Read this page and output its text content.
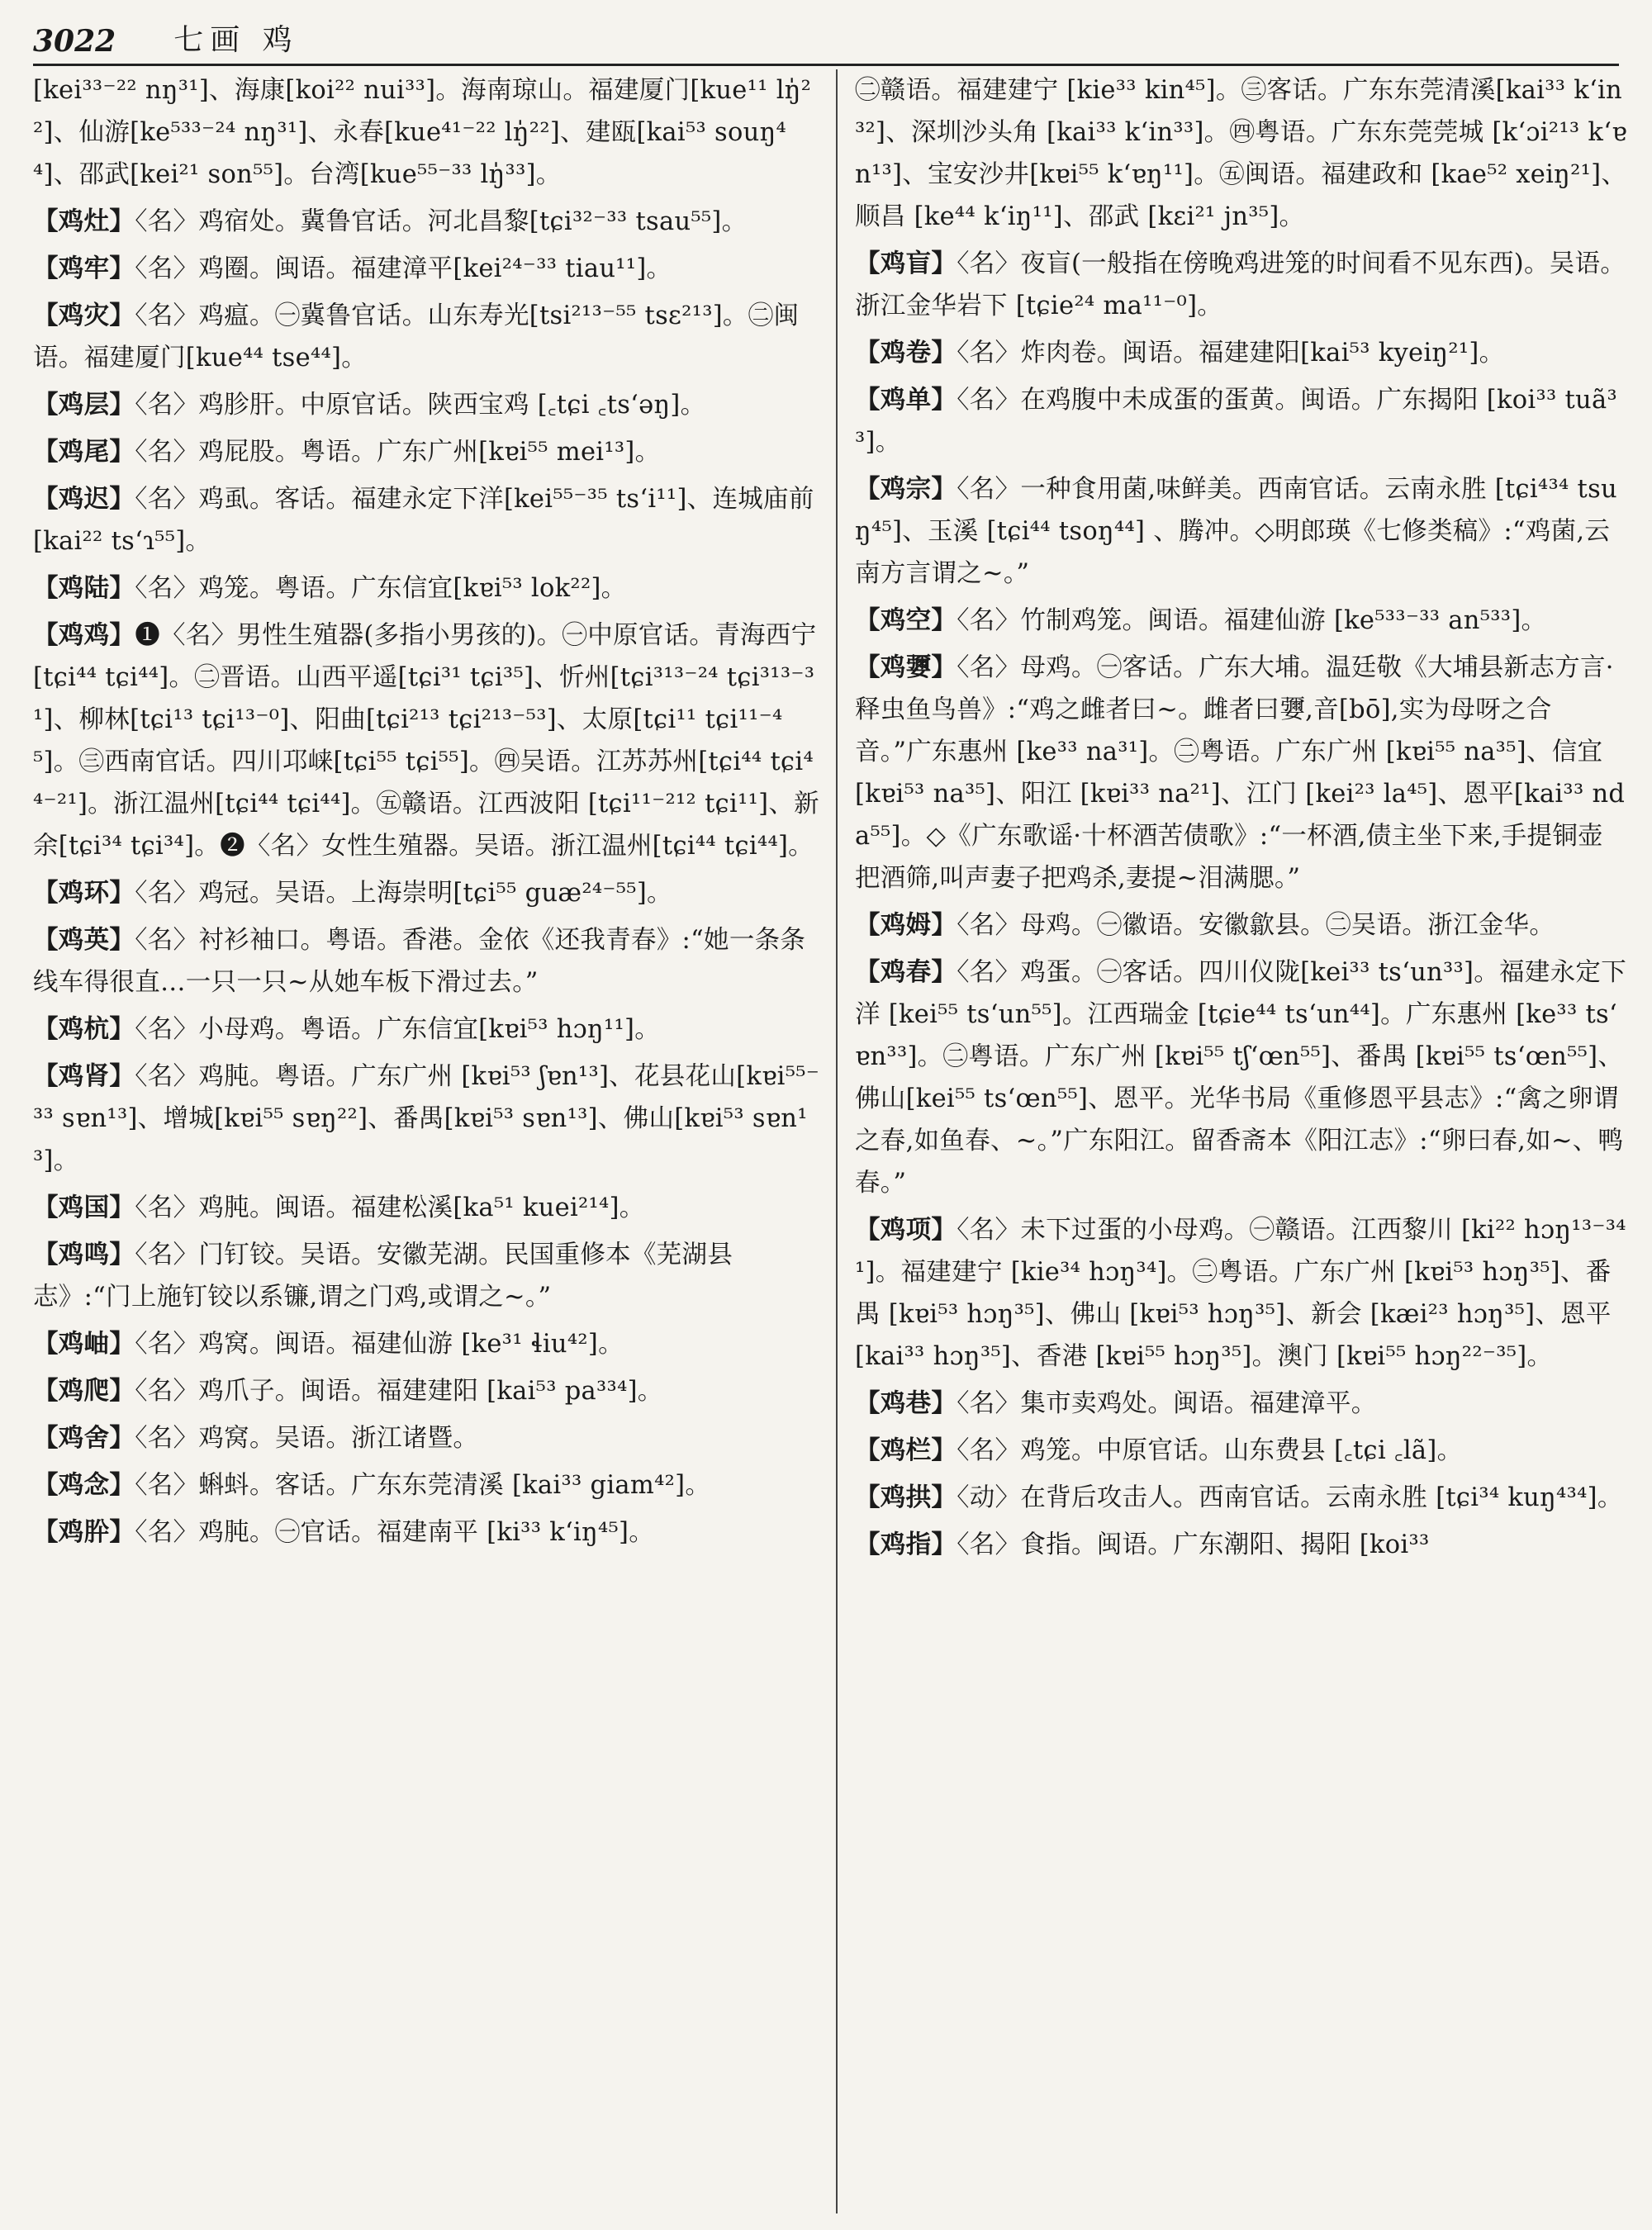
3022 七画 鸡

[kei³³⁻²² nŋ³¹]、海康[koi²² nui³³]。海南琼山。福建厦门[kue¹¹ lŋ̍²²]、仙游[ke⁵³³⁻²⁴ nŋ³¹]、永春[kue⁴¹⁻²² lŋ̍²²]、建瓯[kai⁵³ souŋ⁴⁴]、邵武[kei²¹ son⁵⁵]。台湾[kue⁵⁵⁻³³ lŋ̍³³]。

【鸡灶】〈名〉鸡宿处。冀鲁官话。河北昌黎[tɕi³²⁻³³ tsau⁵⁵]。

【鸡牢】〈名〉鸡圈。闽语。福建漳平[kei²⁴⁻³³ tiau¹¹]。

【鸡灾】〈名〉鸡瘟。㊀冀鲁官话。山东寿光[tsi²¹³⁻⁵⁵ tsɛ²¹³]。㊁闽语。福建厦门[kue⁴⁴ tse⁴⁴]。

【鸡层】〈名〉鸡胗肝。中原官话。陕西宝鸡 [꜀tɕi ꜀tsʻəŋ]。

【鸡尾】〈名〉鸡屁股。粤语。广东广州[kɐi⁵⁵ mei¹³]。

【鸡迟】〈名〉鸡虱。客话。福建永定下洋[kei⁵⁵⁻³⁵ tsʻi¹¹]、连城庙前[kai²² tsʻɿ⁵⁵]。

【鸡陆】〈名〉鸡笼。粤语。广东信宜[kɐi⁵³ lok²²]。

【鸡鸡】❶〈名〉男性生殖器(多指小男孩的)。㊀中原官话。青海西宁[tɕi⁴⁴ tɕi⁴⁴]。㊁晋语。山西平遥[tɕi³¹ tɕi³⁵]、忻州[tɕi³¹³⁻²⁴ tɕi³¹³⁻³¹]、柳林[tɕi¹³ tɕi¹³⁻⁰]、阳曲[tɕi²¹³ tɕi²¹³⁻⁵³]、太原[tɕi¹¹ tɕi¹¹⁻⁴⁵]。㊂西南官话。四川邛崃[tɕi⁵⁵ tɕi⁵⁵]。㊃吴语。江苏苏州[tɕi⁴⁴ tɕi⁴⁴⁻²¹]。浙江温州[tɕi⁴⁴ tɕi⁴⁴]。㊄赣语。江西波阳 [tɕi¹¹⁻²¹² tɕi¹¹]、新余[tɕi³⁴ tɕi³⁴]。❷〈名〉女性生殖器。吴语。浙江温州[tɕi⁴⁴ tɕi⁴⁴]。

【鸡环】〈名〉鸡冠。吴语。上海崇明[tɕi⁵⁵ guæ²⁴⁻⁵⁵]。

【鸡英】〈名〉衬衫袖口。粤语。香港。金依《还我青春》:“她一条条线车得很直…一只一只~从她车板下滑过去。”

【鸡杭】〈名〉小母鸡。粤语。广东信宜[kɐi⁵³ hɔŋ¹¹]。

【鸡肾】〈名〉鸡肫。粤语。广东广州 [kɐi⁵³ ʃɐn¹³]、花县花山[kɐi⁵⁵⁻³³ sɐn¹³]、增城[kɐi⁵⁵ sɐŋ²²]、番禺[kɐi⁵³ sɐn¹³]、佛山[kɐi⁵³ sɐn¹³]。

【鸡国】〈名〉鸡肫。闽语。福建松溪[ka⁵¹ kuei²¹⁴]。

【鸡鸣】〈名〉门钉铰。吴语。安徽芜湖。民国重修本《芜湖县志》:“门上施钉铰以系镰,谓之门鸡,或谓之~。”

【鸡岫】〈名〉鸡窝。闽语。福建仙游 [ke³¹ ɬiu⁴²]。

【鸡爬】〈名〉鸡爪子。闽语。福建建阳 [kai⁵³ pa³³⁴]。

【鸡舍】〈名〉鸡窝。吴语。浙江诸暨。

【鸡念】〈名〉蝌蚪。客话。广东东莞清溪 [kai³³ giam⁴²]。

【鸡肸】〈名〉鸡肫。㊀官话。福建南平 [ki³³ kʻiŋ⁴⁵]。

㊁赣语。福建建宁 [kie³³ kin⁴⁵]。㊂客话。广东东莞清溪[kai³³ kʻin³²]、深圳沙头角 [kai³³ kʻin³³]。㊃粤语。广东东莞莞城 [kʻɔi²¹³ kʻɐn¹³]、宝安沙井[kɐi⁵⁵ kʻɐŋ¹¹]。㊄闽语。福建政和 [kae⁵² xeiŋ²¹]、顺昌 [ke⁴⁴ kʻiŋ¹¹]、邵武 [kɛi²¹ jn³⁵]。

【鸡盲】〈名〉夜盲(一般指在傍晚鸡进笼的时间看不见东西)。吴语。浙江金华岩下 [tɕie²⁴ ma¹¹⁻⁰]。

【鸡卷】〈名〉炸肉卷。闽语。福建建阳[kai⁵³ kyeiŋ²¹]。

【鸡单】〈名〉在鸡腹中未成蛋的蛋黄。闽语。广东揭阳 [koi³³ tuã³³]。

【鸡宗】〈名〉一种食用菌,味鲜美。西南官话。云南永胜 [tɕi⁴³⁴ tsuŋ⁴⁵]、玉溪 [tɕi⁴⁴ tsoŋ⁴⁴] 、腾冲。◇明郎瑛《七修类稿》:“鸡菌,云南方言谓之~。”

【鸡空】〈名〉竹制鸡笼。闽语。福建仙游 [ke⁵³³⁻³³ an⁵³³]。

【鸡㜷】〈名〉母鸡。㊀客话。广东大埔。温廷敬《大埔县新志方言·释虫鱼鸟兽》:“鸡之雌者曰~。雌者曰㜷,音[bō],实为母呀之合音。”广东惠州 [ke³³ na³¹]。㊁粤语。广东广州 [kɐi⁵⁵ na³⁵]、信宜 [kɐi⁵³ na³⁵]、阳江 [kɐi³³ na²¹]、江门 [kei²³ la⁴⁵]、恩平[kai³³ nda⁵⁵]。◇《广东歌谣·十杯酒苦债歌》:“一杯酒,债主坐下来,手提铜壶把酒筛,叫声妻子把鸡杀,妻提~泪满腮。”

【鸡姆】〈名〉母鸡。㊀徽语。安徽歙县。㊁吴语。浙江金华。

【鸡春】〈名〉鸡蛋。㊀客话。四川仪陇[kei³³ tsʻun³³]。福建永定下洋 [kei⁵⁵ tsʻun⁵⁵]。江西瑞金 [tɕie⁴⁴ tsʻun⁴⁴]。广东惠州 [ke³³ tsʻɐn³³]。㊁粤语。广东广州 [kɐi⁵⁵ tʃʻœn⁵⁵]、番禺 [kɐi⁵⁵ tsʻœn⁵⁵]、佛山[kei⁵⁵ tsʻœn⁵⁵]、恩平。光华书局《重修恩平县志》:“禽之卵谓之春,如鱼春、~。”广东阳江。留香斋本《阳江志》:“卵曰春,如~、鸭春。”

【鸡项】〈名〉未下过蛋的小母鸡。㊀赣语。江西黎川 [ki²² hɔŋ¹³⁻³⁴¹]。福建建宁 [kie³⁴ hɔŋ³⁴]。㊁粤语。广东广州 [kɐi⁵³ hɔŋ³⁵]、番禺 [kɐi⁵³ hɔŋ³⁵]、佛山 [kɐi⁵³ hɔŋ³⁵]、新会 [kæi²³ hɔŋ³⁵]、恩平 [kai³³ hɔŋ³⁵]、香港 [kɐi⁵⁵ hɔŋ³⁵]。澳门 [kɐi⁵⁵ hɔŋ²²⁻³⁵]。

【鸡巷】〈名〉集市卖鸡处。闽语。福建漳平。

【鸡栏】〈名〉鸡笼。中原官话。山东费县 [꜀tɕi ꜀lã]。

【鸡拱】〈动〉在背后攻击人。西南官话。云南永胜 [tɕi³⁴ kuŋ⁴³⁴]。

【鸡指】〈名〉食指。闽语。广东潮阳、揭阳 [koi³³
